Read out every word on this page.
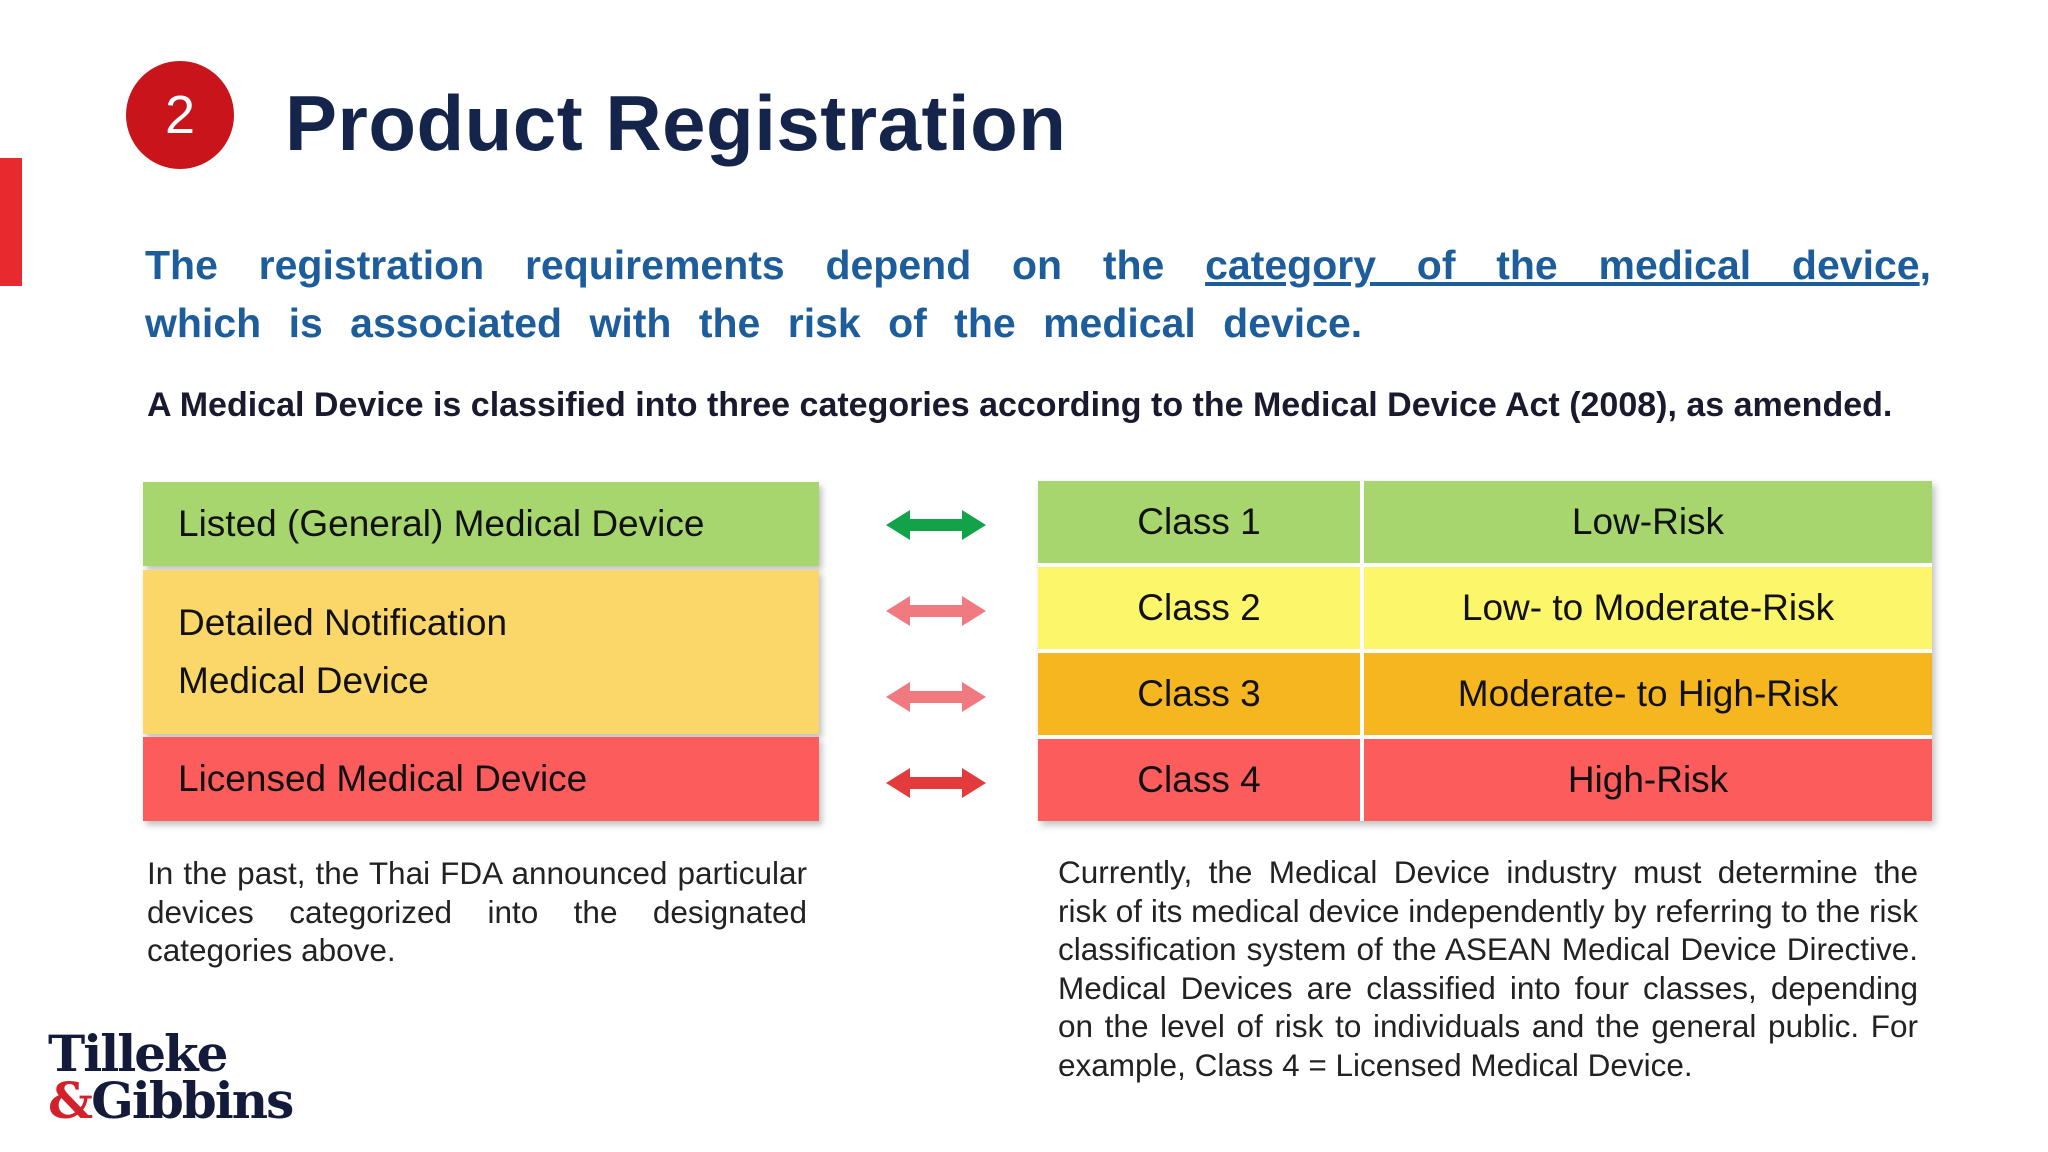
2 Product Registration
The registration requirements depend on the category of the medical device, which is associated with the risk of the medical device.
A Medical Device is classified into three categories according to the Medical Device Act (2008), as amended.
Listed (General) Medical Device
Detailed Notification
Medical Device
Licensed Medical Device
Class 1	Low-Risk
Class 2	Low- to Moderate-Risk
Class 3	Moderate- to High-Risk
Class 4	High-Risk
In the past, the Thai FDA announced particular devices categorized into the designated categories above.
Currently, the Medical Device industry must determine the risk of its medical device independently by referring to the risk classification system of the ASEAN Medical Device Directive. Medical Devices are classified into four classes, depending on the level of risk to individuals and the general public. For example, Class 4 = Licensed Medical Device.
Tilleke
&Gibbins
